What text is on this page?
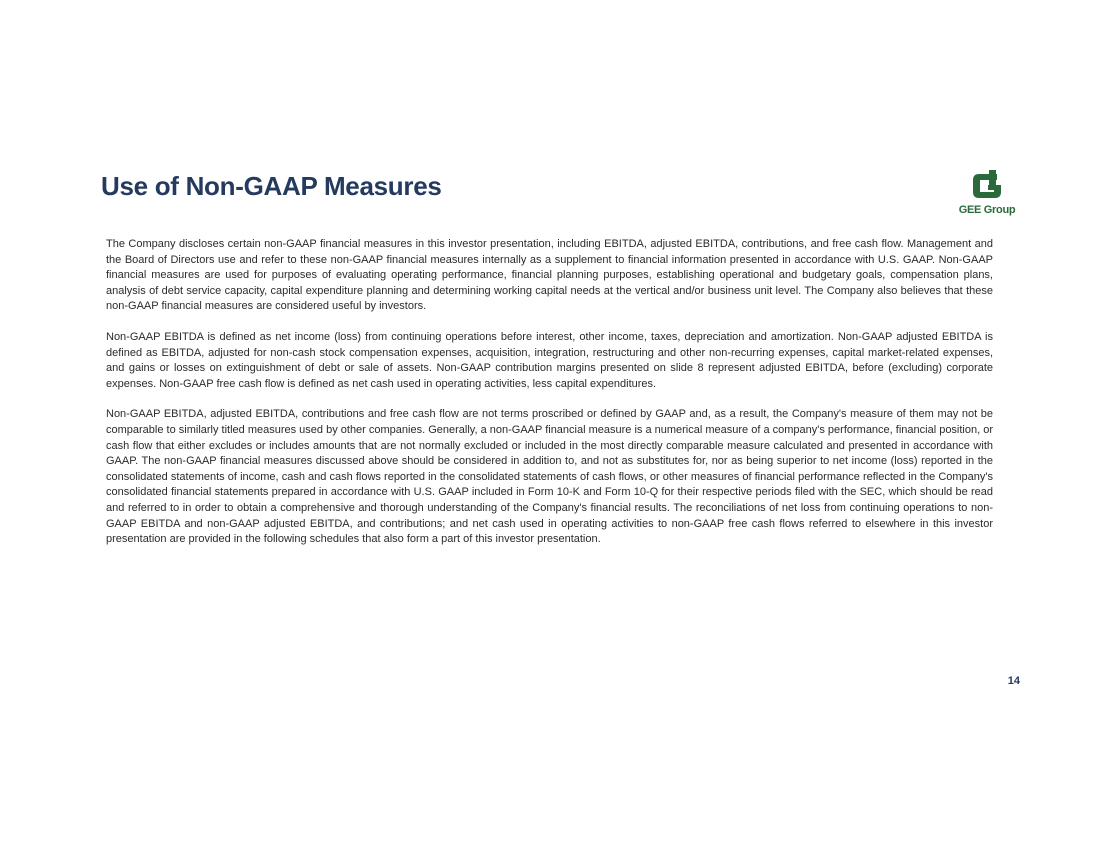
Use of Non-GAAP Measures
GEE Group

The Company discloses certain non-GAAP financial measures in this investor presentation, including EBITDA, adjusted EBITDA, contributions, and free cash flow. Management and the Board of Directors use and refer to these non-GAAP financial measures internally as a supplement to financial information presented in accordance with U.S. GAAP. Non-GAAP financial measures are used for purposes of evaluating operating performance, financial planning purposes, establishing operational and budgetary goals, compensation plans, analysis of debt service capacity, capital expenditure planning and determining working capital needs at the vertical and/or business unit level. The Company also believes that these non-GAAP financial measures are considered useful by investors.

Non-GAAP EBITDA is defined as net income (loss) from continuing operations before interest, other income, taxes, depreciation and amortization. Non-GAAP adjusted EBITDA is defined as EBITDA, adjusted for non-cash stock compensation expenses, acquisition, integration, restructuring and other non-recurring expenses, capital market-related expenses, and gains or losses on extinguishment of debt or sale of assets. Non-GAAP contribution margins presented on slide 8 represent adjusted EBITDA, before (excluding) corporate expenses. Non-GAAP free cash flow is defined as net cash used in operating activities, less capital expenditures.

Non-GAAP EBITDA, adjusted EBITDA, contributions and free cash flow are not terms proscribed or defined by GAAP and, as a result, the Company's measure of them may not be comparable to similarly titled measures used by other companies. Generally, a non-GAAP financial measure is a numerical measure of a company's performance, financial position, or cash flow that either excludes or includes amounts that are not normally excluded or included in the most directly comparable measure calculated and presented in accordance with GAAP. The non-GAAP financial measures discussed above should be considered in addition to, and not as substitutes for, nor as being superior to net income (loss) reported in the consolidated statements of income, cash and cash flows reported in the consolidated statements of cash flows, or other measures of financial performance reflected in the Company's consolidated financial statements prepared in accordance with U.S. GAAP included in Form 10-K and Form 10-Q for their respective periods filed with the SEC, which should be read and referred to in order to obtain a comprehensive and thorough understanding of the Company's financial results. The reconciliations of net loss from continuing operations to non-GAAP EBITDA and non-GAAP adjusted EBITDA, and contributions; and net cash used in operating activities to non-GAAP free cash flows referred to elsewhere in this investor presentation are provided in the following schedules that also form a part of this investor presentation.

14
